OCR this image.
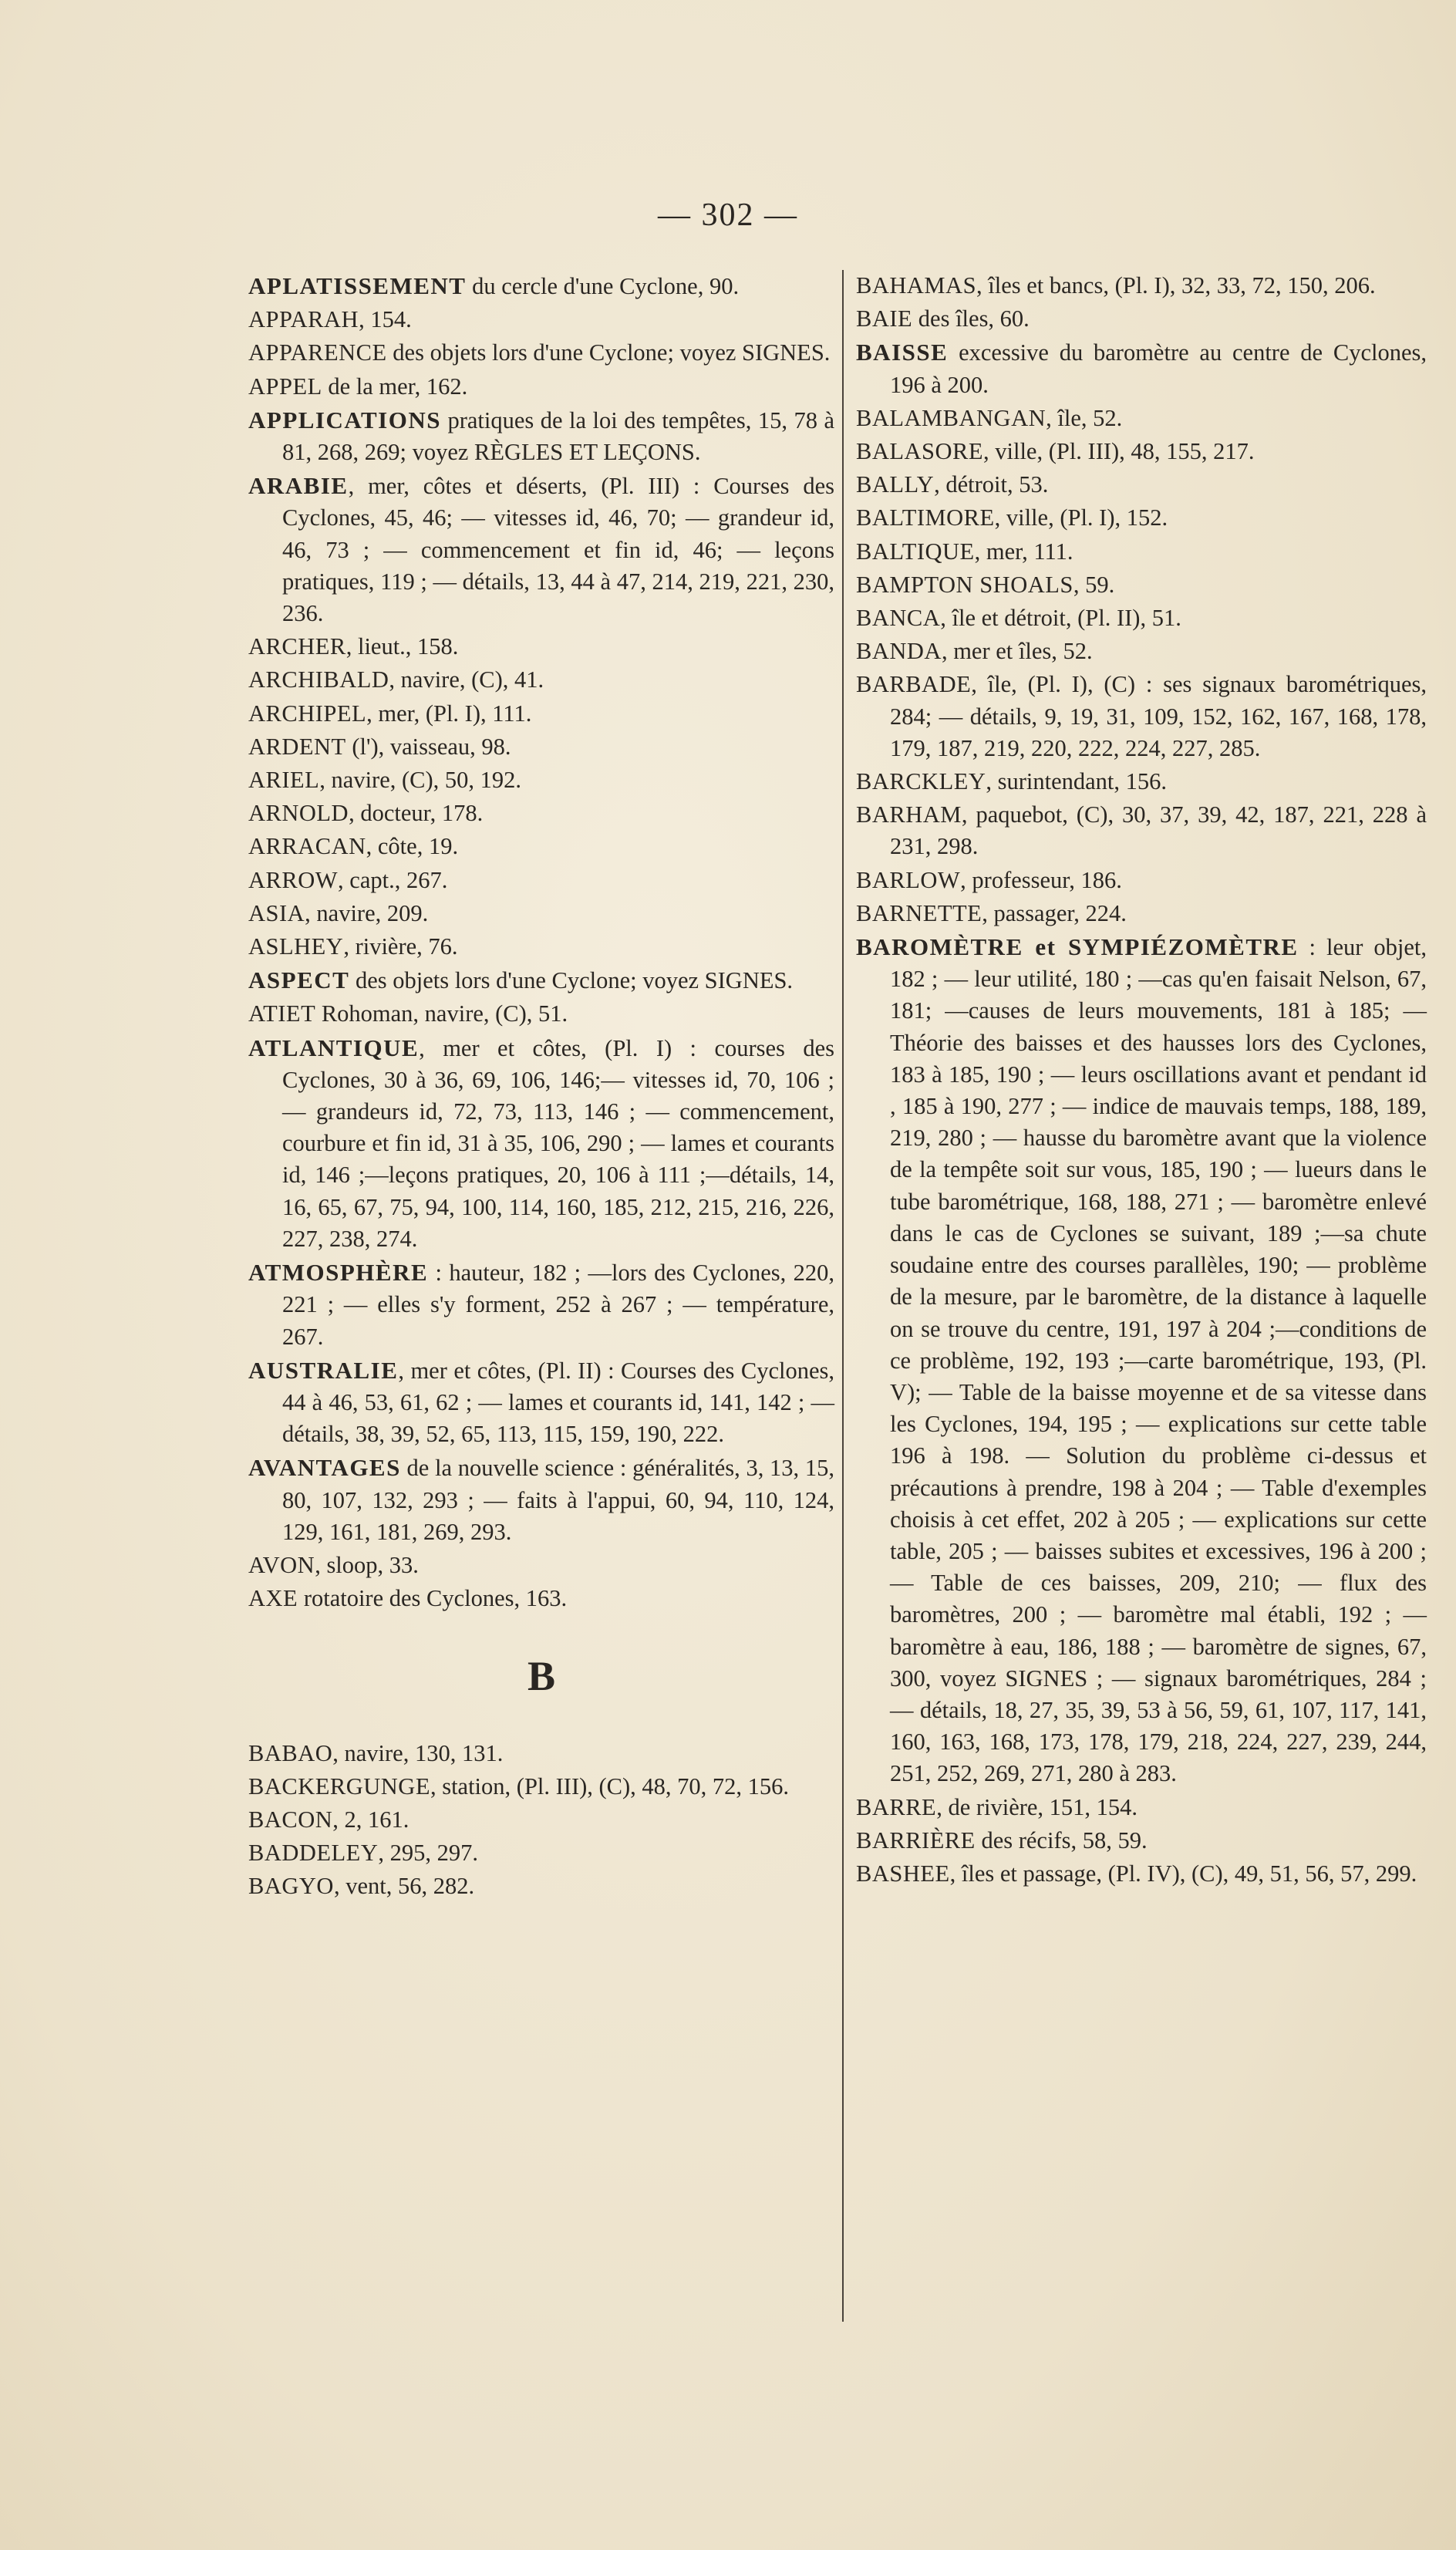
— 302 —
APLATISSEMENT du cercle d'une Cyclone, 90.
APPARAH, 154.
APPARENCE des objets lors d'une Cyclone; voyez SIGNES.
APPEL de la mer, 162.
APPLICATIONS pratiques de la loi des tempêtes, 15, 78 à 81, 268, 269; voyez RÈGLES ET LEÇONS.
ARABIE, mer, côtes et déserts, (Pl. III) : Courses des Cyclones, 45, 46; — vitesses id, 46, 70; — grandeur id, 46, 73 ; — commencement et fin id, 46; — leçons pratiques, 119 ; — détails, 13, 44 à 47, 214, 219, 221, 230, 236.
ARCHER, lieut., 158.
ARCHIBALD, navire, (C), 41.
ARCHIPEL, mer, (Pl. I), 111.
ARDENT (l'), vaisseau, 98.
ARIEL, navire, (C), 50, 192.
ARNOLD, docteur, 178.
ARRACAN, côte, 19.
ARROW, capt., 267.
ASIA, navire, 209.
ASLHEY, rivière, 76.
ASPECT des objets lors d'une Cyclone; voyez SIGNES.
ATIET Rohoman, navire, (C), 51.
ATLANTIQUE, mer et côtes, (Pl. I) : courses des Cyclones, 30 à 36, 69, 106, 146;— vitesses id, 70, 106 ; — grandeurs id, 72, 73, 113, 146 ; — commencement, courbure et fin id, 31 à 35, 106, 290 ; — lames et courants id, 146 ;—leçons pratiques, 20, 106 à 111 ;—détails, 14, 16, 65, 67, 75, 94, 100, 114, 160, 185, 212, 215, 216, 226, 227, 238, 274.
ATMOSPHÈRE : hauteur, 182 ; —lors des Cyclones, 220, 221 ; — elles s'y forment, 252 à 267 ; — température, 267.
AUSTRALIE, mer et côtes, (Pl. II) : Courses des Cyclones, 44 à 46, 53, 61, 62 ; — lames et courants id, 141, 142 ; —détails, 38, 39, 52, 65, 113, 115, 159, 190, 222.
AVANTAGES de la nouvelle science : généralités, 3, 13, 15, 80, 107, 132, 293 ; — faits à l'appui, 60, 94, 110, 124, 129, 161, 181, 269, 293.
AVON, sloop, 33.
AXE rotatoire des Cyclones, 163.
B
BABAO, navire, 130, 131.
BACKERGUNGE, station, (Pl. III), (C), 48, 70, 72, 156.
BACON, 2, 161.
BADDELEY, 295, 297.
BAGYO, vent, 56, 282.
BAHAMAS, îles et bancs, (Pl. I), 32, 33, 72, 150, 206.
BAIE des îles, 60.
BAISSE excessive du baromètre au centre de Cyclones, 196 à 200.
BALAMBANGAN, île, 52.
BALASORE, ville, (Pl. III), 48, 155, 217.
BALLY, détroit, 53.
BALTIMORE, ville, (Pl. I), 152.
BALTIQUE, mer, 111.
BAMPTON SHOALS, 59.
BANCA, île et détroit, (Pl. II), 51.
BANDA, mer et îles, 52.
BARBADE, île, (Pl. I), (C) : ses signaux barométriques, 284; — détails, 9, 19, 31, 109, 152, 162, 167, 168, 178, 179, 187, 219, 220, 222, 224, 227, 285.
BARCKLEY, surintendant, 156.
BARHAM, paquebot, (C), 30, 37, 39, 42, 187, 221, 228 à 231, 298.
BARLOW, professeur, 186.
BARNETTE, passager, 224.
BAROMÈTRE et SYMPIÉZOMÈTRE : leur objet, 182 ; — leur utilité, 180 ; —cas qu'en faisait Nelson, 67, 181; —causes de leurs mouvements, 181 à 185; — Théorie des baisses et des hausses lors des Cyclones, 183 à 185, 190 ; — leurs oscillations avant et pendant id , 185 à 190, 277 ; — indice de mauvais temps, 188, 189, 219, 280 ; — hausse du baromètre avant que la violence de la tempête soit sur vous, 185, 190 ; — lueurs dans le tube barométrique, 168, 188, 271 ; — baromètre enlevé dans le cas de Cyclones se suivant, 189 ;—sa chute soudaine entre des courses parallèles, 190; — problème de la mesure, par le baromètre, de la distance à laquelle on se trouve du centre, 191, 197 à 204 ;—conditions de ce problème, 192, 193 ;—carte barométrique, 193, (Pl. V); — Table de la baisse moyenne et de sa vitesse dans les Cyclones, 194, 195 ; — explications sur cette table 196 à 198. — Solution du problème ci-dessus et précautions à prendre, 198 à 204 ; — Table d'exemples choisis à cet effet, 202 à 205 ; — explications sur cette table, 205 ; — baisses subites et excessives, 196 à 200 ; — Table de ces baisses, 209, 210; — flux des baromètres, 200 ; — baromètre mal établi, 192 ; — baromètre à eau, 186, 188 ; — baromètre de signes, 67, 300, voyez SIGNES ; — signaux barométriques, 284 ; — détails, 18, 27, 35, 39, 53 à 56, 59, 61, 107, 117, 141, 160, 163, 168, 173, 178, 179, 218, 224, 227, 239, 244, 251, 252, 269, 271, 280 à 283.
BARRE, de rivière, 151, 154.
BARRIÈRE des récifs, 58, 59.
BASHEE, îles et passage, (Pl. IV), (C), 49, 51, 56, 57, 299.
